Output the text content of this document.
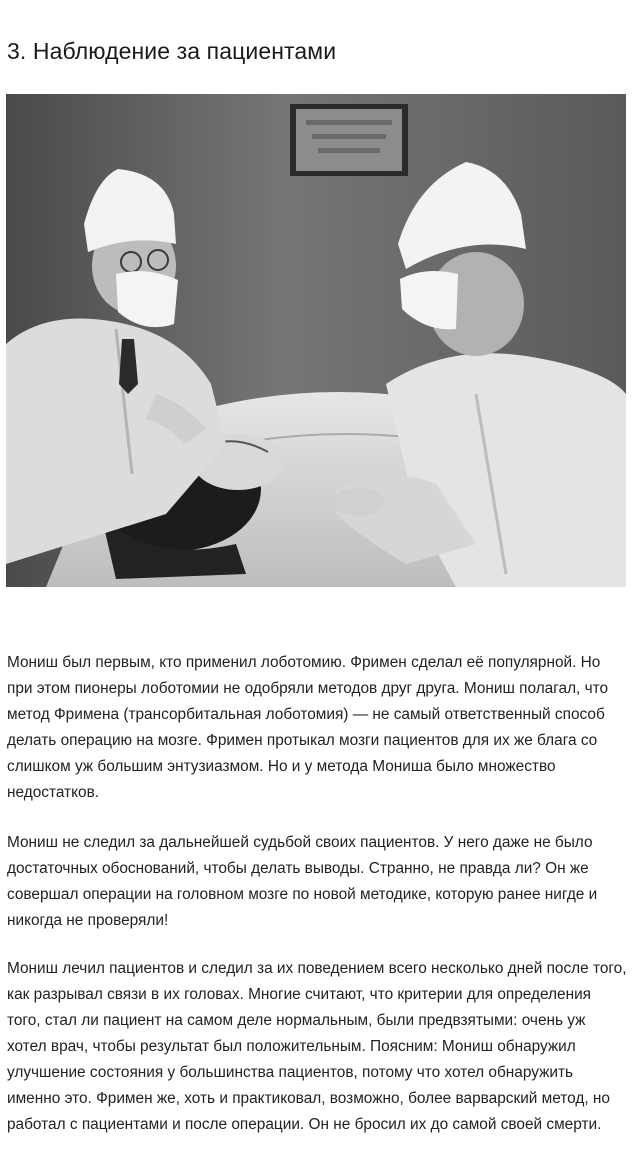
3. Наблюдение за пациентами

Мониш был первым, кто применил лоботомию. Фримен сделал её популярной. Но при этом пионеры лоботомии не одобряли методов друг друга. Мониш полагал, что метод Фримена (трансорбитальная лоботомия) — не самый ответственный способ делать операцию на мозге. Фримен протыкал мозги пациентов для их же блага со слишком уж большим энтузиазмом. Но и у метода Мониша было множество недостатков.

Мониш не следил за дальнейшей судьбой своих пациентов. У него даже не было достаточных обоснований, чтобы делать выводы. Странно, не правда ли? Он же совершал операции на головном мозге по новой методике, которую ранее нигде и никогда не проверяли!

Мониш лечил пациентов и следил за их поведением всего несколько дней после того, как разрывал связи в их головах. Многие считают, что критерии для определения того, стал ли пациент на самом деле нормальным, были предвзятыми: очень уж хотел врач, чтобы результат был положительным. Поясним: Мониш обнаружил улучшение состояния у большинства пациентов, потому что хотел обнаружить именно это. Фримен же, хоть и практиковал, возможно, более варварский метод, но работал с пациентами и после операции. Он не бросил их до самой своей смерти.
